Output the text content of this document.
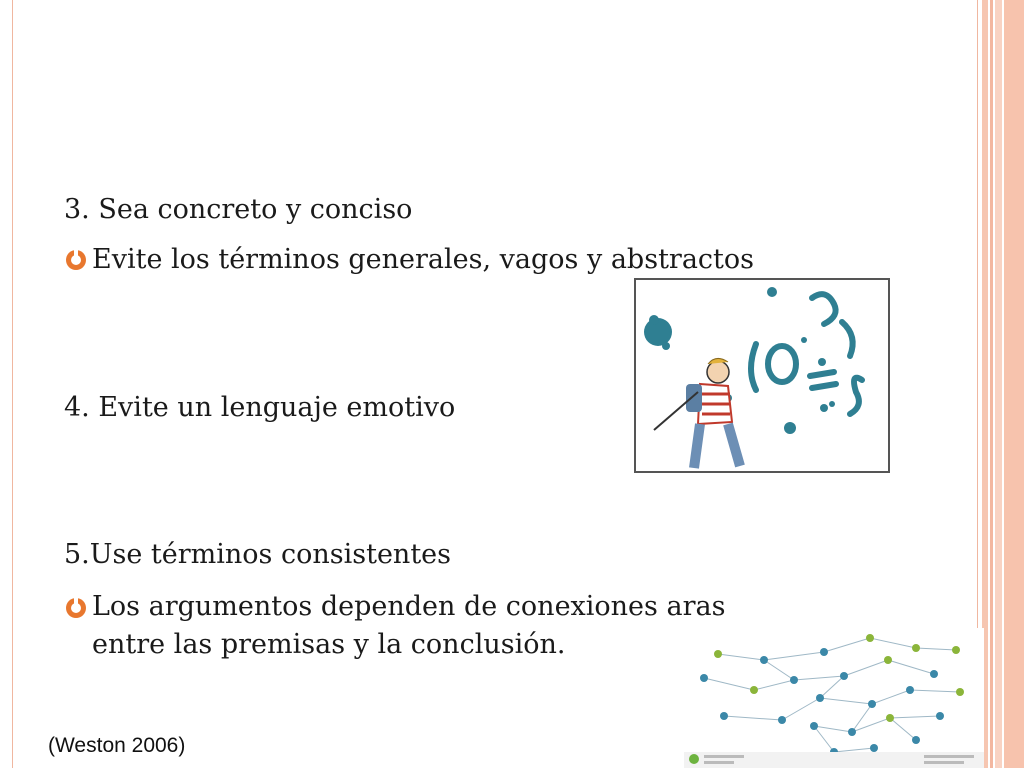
3. Sea concreto y conciso
Evite los términos generales, vagos y abstractos
4. Evite un lenguaje emotivo
5.Use términos consistentes
Los argumentos dependen de conexiones aras
entre las premisas y la conclusión.
(Weston 2006)
